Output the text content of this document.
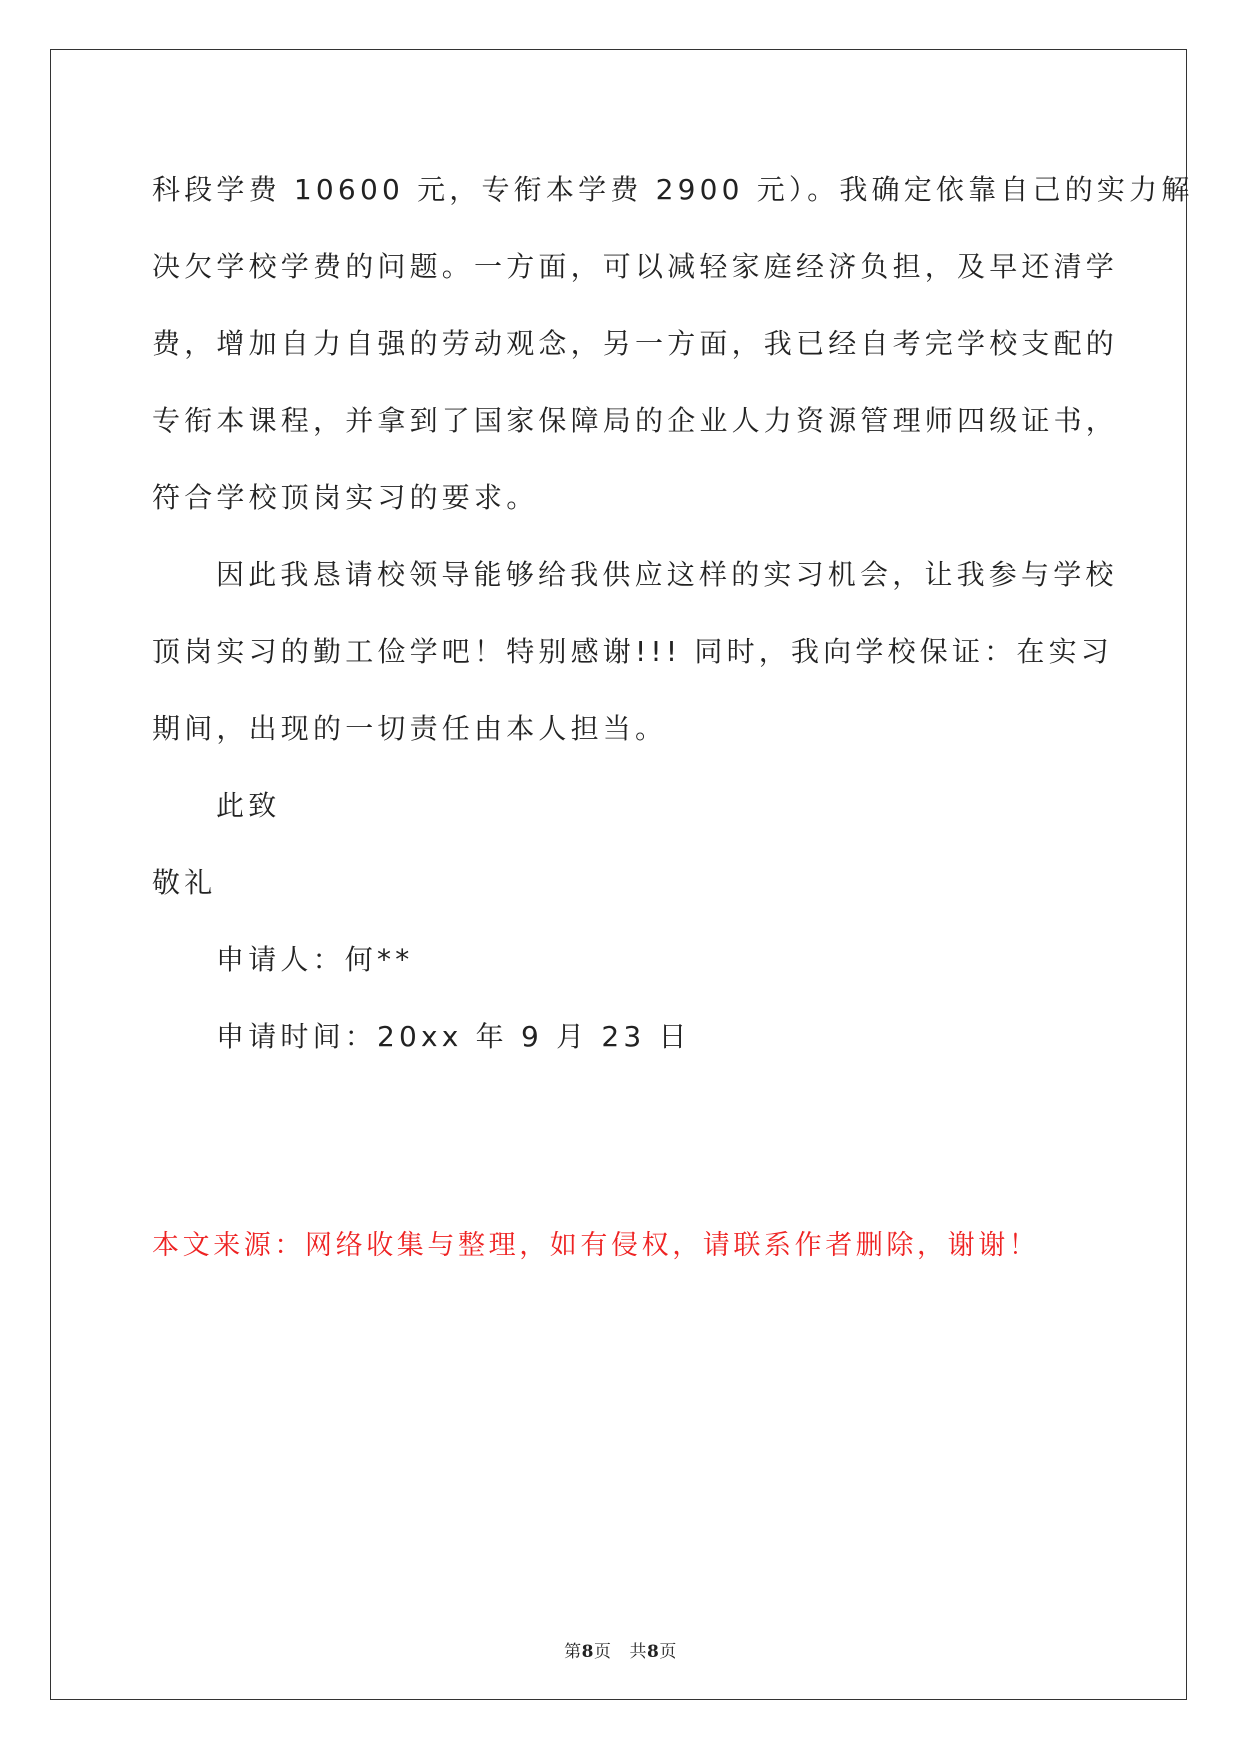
科段学费 10600 元，专衔本学费 2900 元）。我确定依靠自己的实力解
决欠学校学费的问题。一方面，可以减轻家庭经济负担，及早还清学
费，增加自力自强的劳动观念，另一方面，我已经自考完学校支配的
专衔本课程，并拿到了国家保障局的企业人力资源管理师四级证书，
符合学校顶岗实习的要求。
因此我恳请校领导能够给我供应这样的实习机会，让我参与学校
顶岗实习的勤工俭学吧！特别感谢!!! 同时，我向学校保证：在实习
期间，出现的一切责任由本人担当。
此致
敬礼
申请人：何**
申请时间：20xx 年 9 月 23 日
本文来源：网络收集与整理，如有侵权，请联系作者删除，谢谢！
第8页 共8页
